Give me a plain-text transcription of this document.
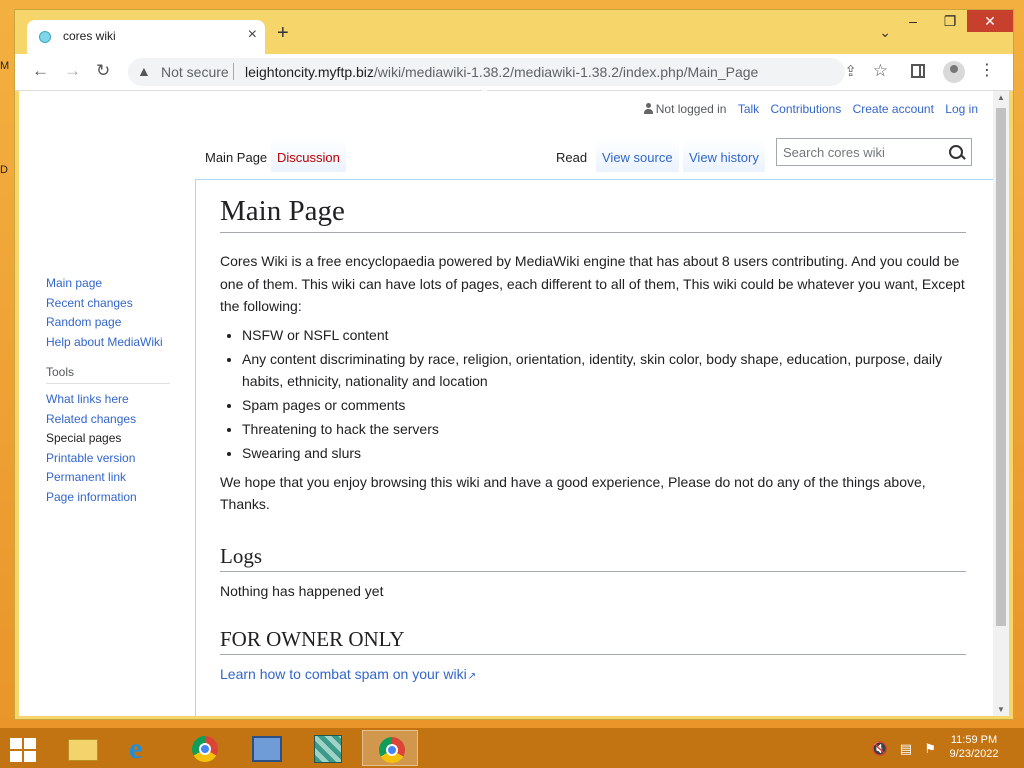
M
D
cores wiki	× +	⌄
–	❐	✕
← → ↻ ▲ Not secure leightoncity.myftp.biz/wiki/mediawiki-1.38.2/mediawiki-1.38.2/index.php/Main_Page	⇪ ☆	⋮
Not logged in Talk Contributions Create account Log in
Main Page Discussion	Read	View source	View history
Search cores wiki
Main page
Recent changes
Random page
Help about MediaWiki
Tools
What links here
Related changes
Special pages
Printable version
Permanent link
Page information
Main Page

Cores Wiki is a free encyclopaedia powered by MediaWiki engine that has about 8 users contributing. And you could be one of them. This wiki can have lots of pages, each different to all of them, This wiki could be whatever you want, Except the following:

• NSFW or NSFL content
• Any content discriminating by race, religion, orientation, identity, skin color, body shape, education, purpose, daily habits, ethnicity, nationality and location
• Spam pages or comments
• Threatening to hack the servers
• Swearing and slurs

We hope that you enjoy browsing this wiki and have a good experience, Please do not do any of the things above, Thanks.

Logs

Nothing has happened yet

FOR OWNER ONLY

Learn how to combat spam on your wiki ↗

▲
▼
e	🔇 ▤ ⚑
11:59 PM
9/23/2022
